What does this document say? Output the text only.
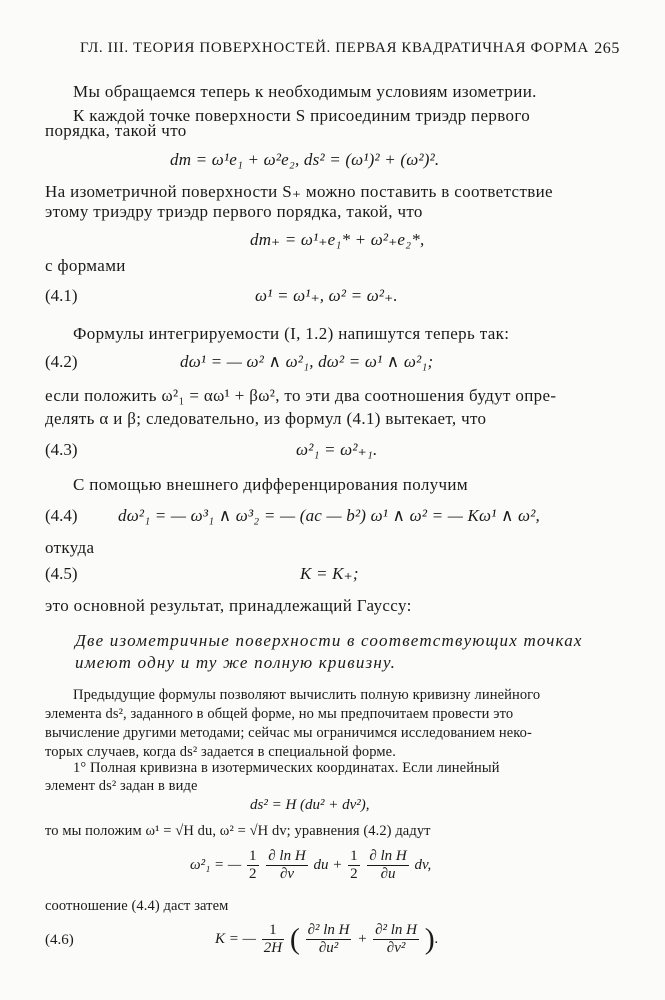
ГЛ. III. ТЕОРИЯ ПОВЕРХНОСТЕЙ. ПЕРВАЯ КВАДРАТИЧНАЯ ФОРМА 265
Мы обращаемся теперь к необходимым условиям изометрии.
К каждой точке поверхности S присоединим триэдр первого
порядка, такой что
dm = ω¹e₁ + ω²e₂, ds² = (ω¹)² + (ω²)².
На изометричной поверхности S₊ можно поставить в соответствие
этому триэдру триэдр первого порядка, такой, что
dm₊ = ω¹₊e₁* + ω²₊e₂*,
с формами
(4.1)	ω¹ = ω¹₊, ω² = ω²₊.
Формулы интегрируемости (I, 1.2) напишутся теперь так:
(4.2)	dω¹ = — ω² ∧ ω²₁, dω² = ω¹ ∧ ω²₁;
если положить ω²₁ = αω¹ + βω², то эти два соотношения будут опре-
делять α и β; следовательно, из формул (4.1) вытекает, что
(4.3)	ω²₁ = ω²₊₁.
С помощью внешнего дифференцирования получим
(4.4) dω²₁ = — ω³₁ ∧ ω³₂ = — (ac — b²) ω¹ ∧ ω² = — Kω¹ ∧ ω²,
откуда
(4.5)	K = K₊;
это основной результат, принадлежащий Гауссу:
Две изометричные поверхности в соответствующих точках
имеют одну и ту же полную кривизну.
Предыдущие формулы позволяют вычислить полную кривизну линейного
элемента ds², заданного в общей форме, но мы предпочитаем провести это
вычисление другими методами; сейчас мы ограничимся исследованием неко-
торых случаев, когда ds² задается в специальной форме.
1° Полная кривизна в изотермических координатах. Если линейный
элемент ds² задан в виде
ds² = H (du² + dv²),
то мы положим ω¹ = √H du, ω² = √H dv; уравнения (4.2) дадут
ω²₁ = — $\frac{1}{2}$
$\frac{\text{∂ ln H}}{\partial v}$ du + $\frac{1}{2}$
$\frac{\text{∂ ln H}}{\partial u}$ dv,
соотношение (4.4) даст затем
(4.6)	K = — $\frac{1}{2H}$ ( $\frac{\text{∂² ln H}}{\text{∂u²}} + \frac{\text{∂² ln H}}{\text{∂v²}}$ ).
